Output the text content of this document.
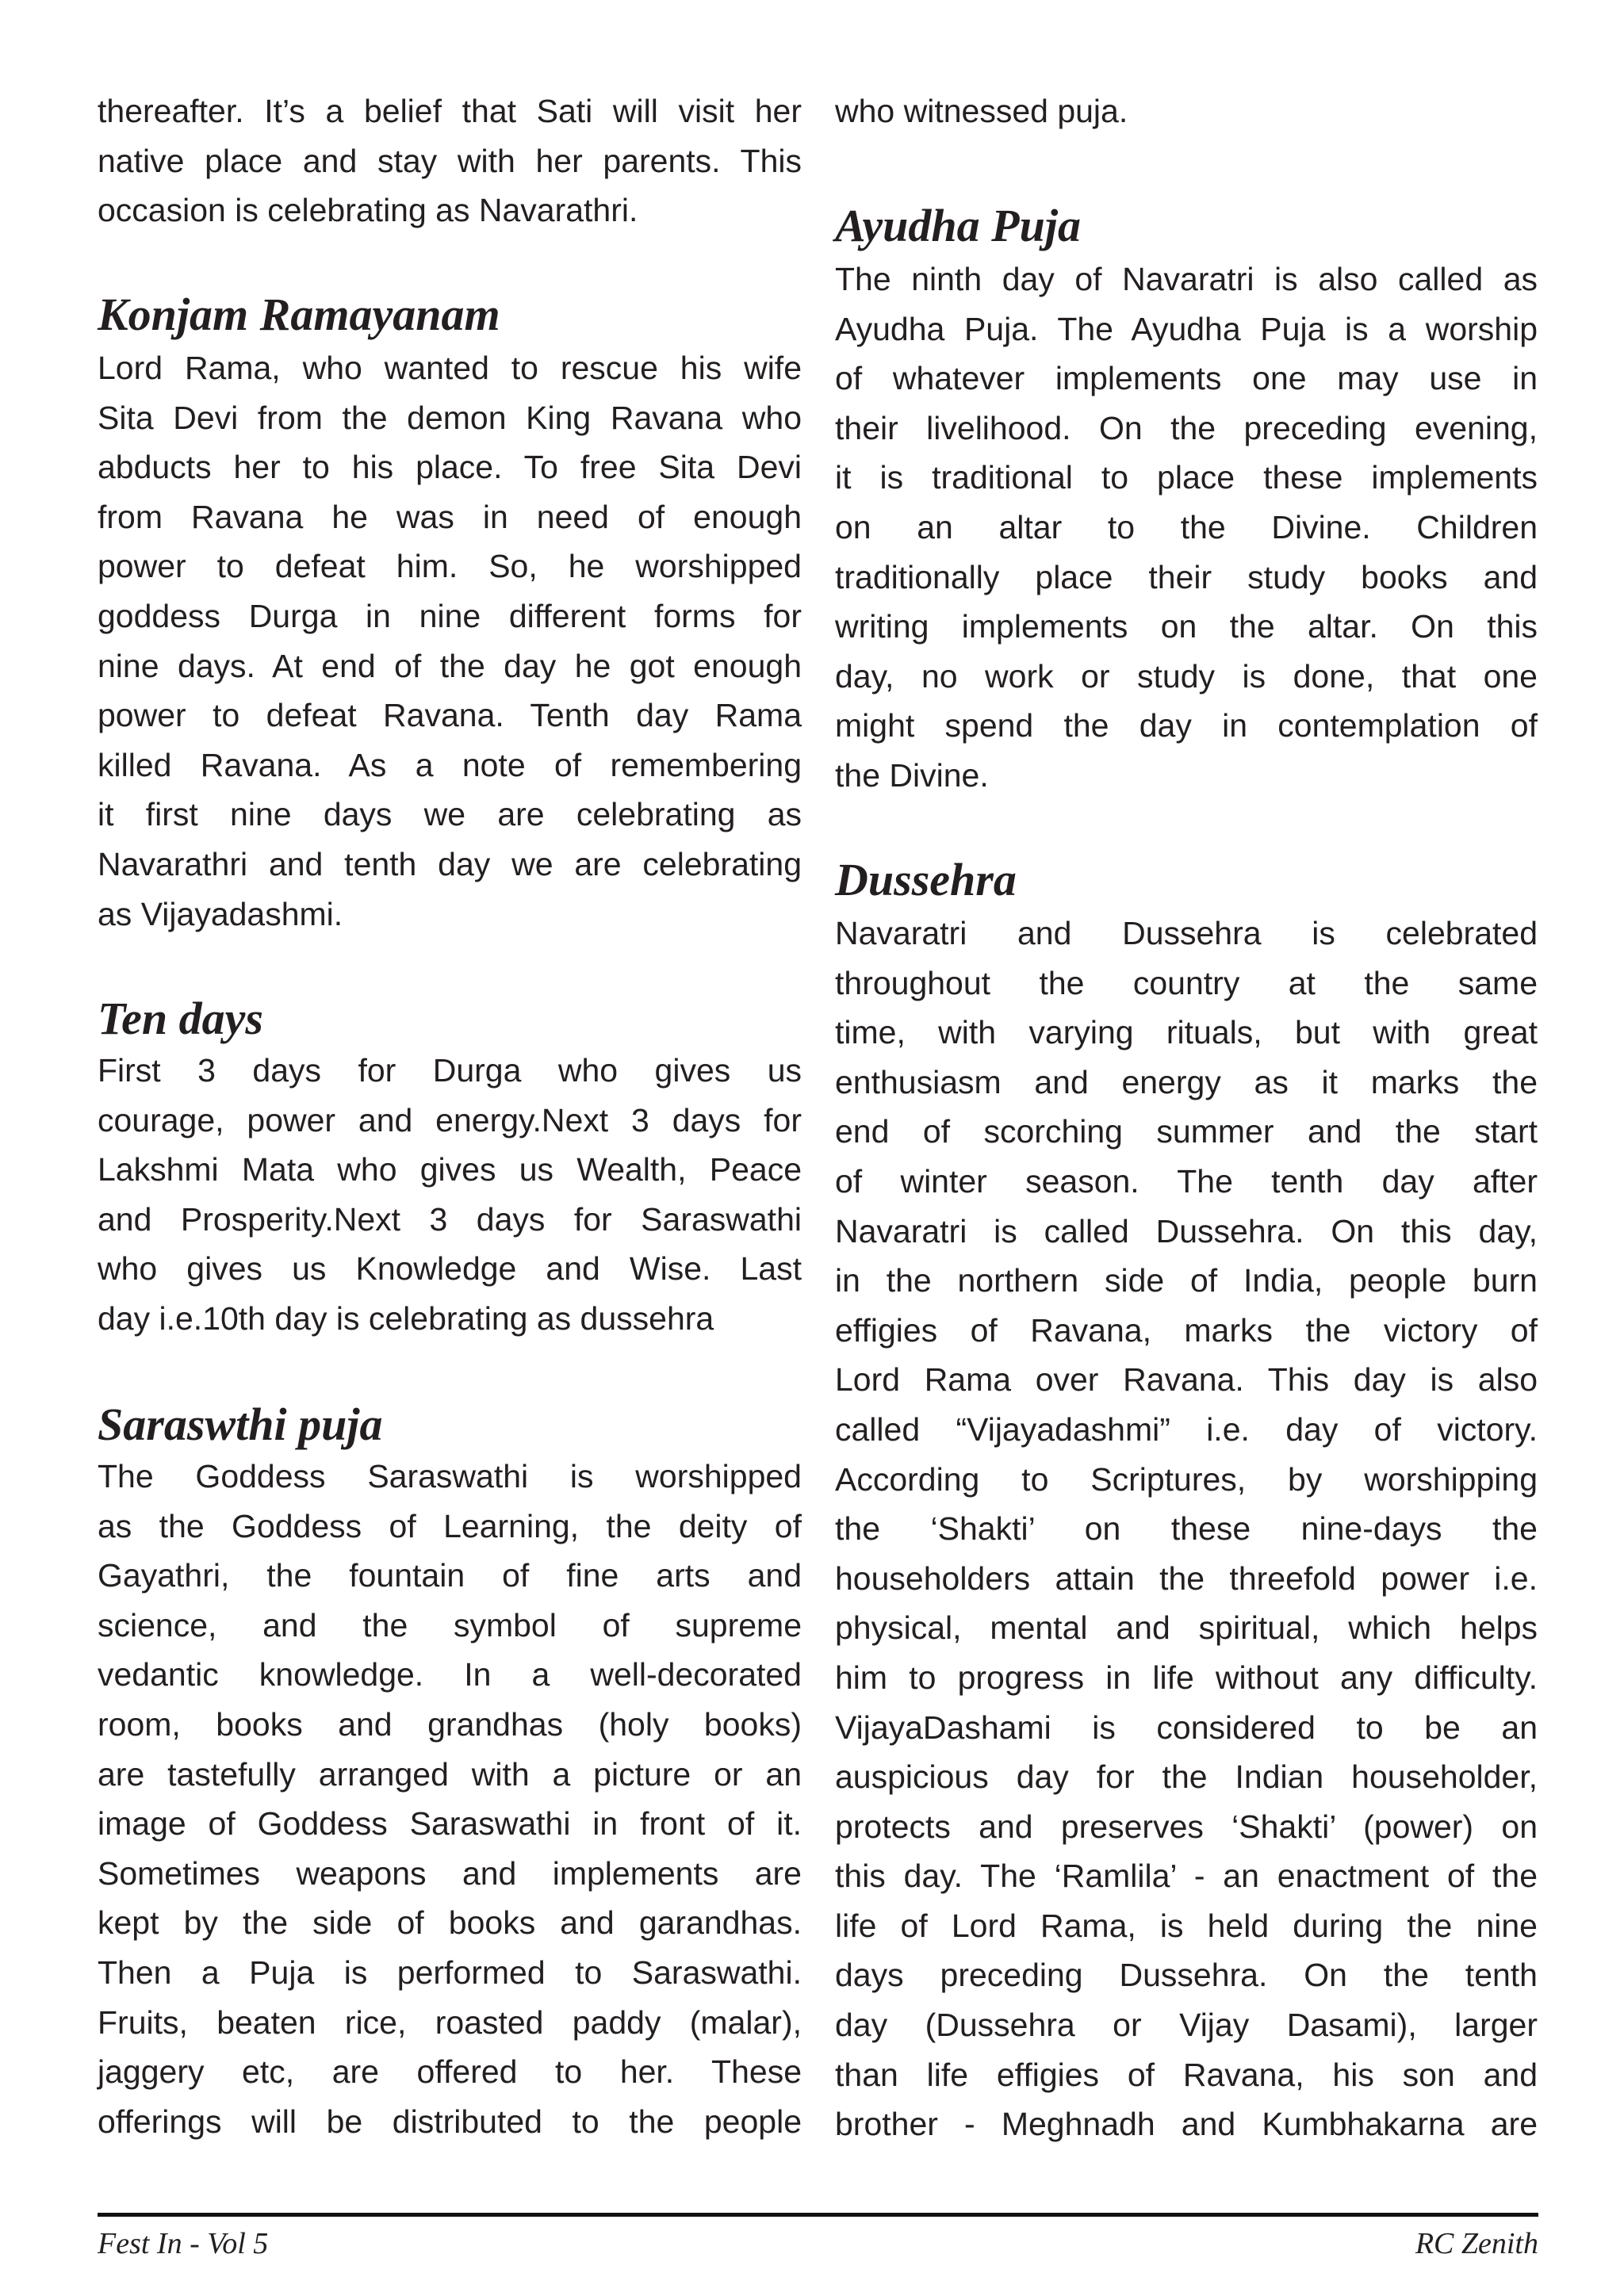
thereafter. It’s a belief that Sati will visit her
native place and stay with her parents. This
occasion is celebrating as Navarathri.
Konjam Ramayanam
Lord Rama, who wanted to rescue his wife
Sita Devi from the demon King Ravana who
abducts her to his place. To free Sita Devi
from Ravana he was in need of enough
power to defeat him. So, he worshipped
goddess Durga in nine different forms for
nine days. At end of the day he got enough
power to defeat Ravana. Tenth day Rama
killed Ravana. As a note of remembering
it first nine days we are celebrating as
Navarathri and tenth day we are celebrating
as Vijayadashmi.
Ten days
First 3 days for Durga who gives us
courage, power and energy.Next 3 days for
Lakshmi Mata who gives us Wealth, Peace
and Prosperity.Next 3 days for Saraswathi
who gives us Knowledge and Wise. Last
day i.e.10th day is celebrating as dussehra
Saraswthi puja
The Goddess Saraswathi is worshipped
as the Goddess of Learning, the deity of
Gayathri, the fountain of fine arts and
science, and the symbol of supreme
vedantic knowledge. In a well-decorated
room, books and grandhas (holy books)
are tastefully arranged with a picture or an
image of Goddess Saraswathi in front of it.
Sometimes weapons and implements are
kept by the side of books and garandhas.
Then a Puja is performed to Saraswathi.
Fruits, beaten rice, roasted paddy (malar),
jaggery etc, are offered to her. These
offerings will be distributed to the people
who witnessed puja.
Ayudha Puja
The ninth day of Navaratri is also called as
Ayudha Puja. The Ayudha Puja is a worship
of whatever implements one may use in
their livelihood. On the preceding evening,
it is traditional to place these implements
on an altar to the Divine. Children
traditionally place their study books and
writing implements on the altar. On this
day, no work or study is done, that one
might spend the day in contemplation of
the Divine.
Dussehra
Navaratri and Dussehra is celebrated
throughout the country at the same
time, with varying rituals, but with great
enthusiasm and energy as it marks the
end of scorching summer and the start
of winter season. The tenth day after
Navaratri is called Dussehra. On this day,
in the northern side of India, people burn
effigies of Ravana, marks the victory of
Lord Rama over Ravana. This day is also
called “Vijayadashmi” i.e. day of victory.
According to Scriptures, by worshipping
the ‘Shakti’ on these nine-days the
householders attain the threefold power i.e.
physical, mental and spiritual, which helps
him to progress in life without any difficulty.
VijayaDashami is considered to be an
auspicious day for the Indian householder,
protects and preserves ‘Shakti’ (power) on
this day. The ‘Ramlila’ - an enactment of the
life of Lord Rama, is held during the nine
days preceding Dussehra. On the tenth
day (Dussehra or Vijay Dasami), larger
than life effigies of Ravana, his son and
brother - Meghnadh and Kumbhakarna are
Fest In - Vol 5	RC Zenith
